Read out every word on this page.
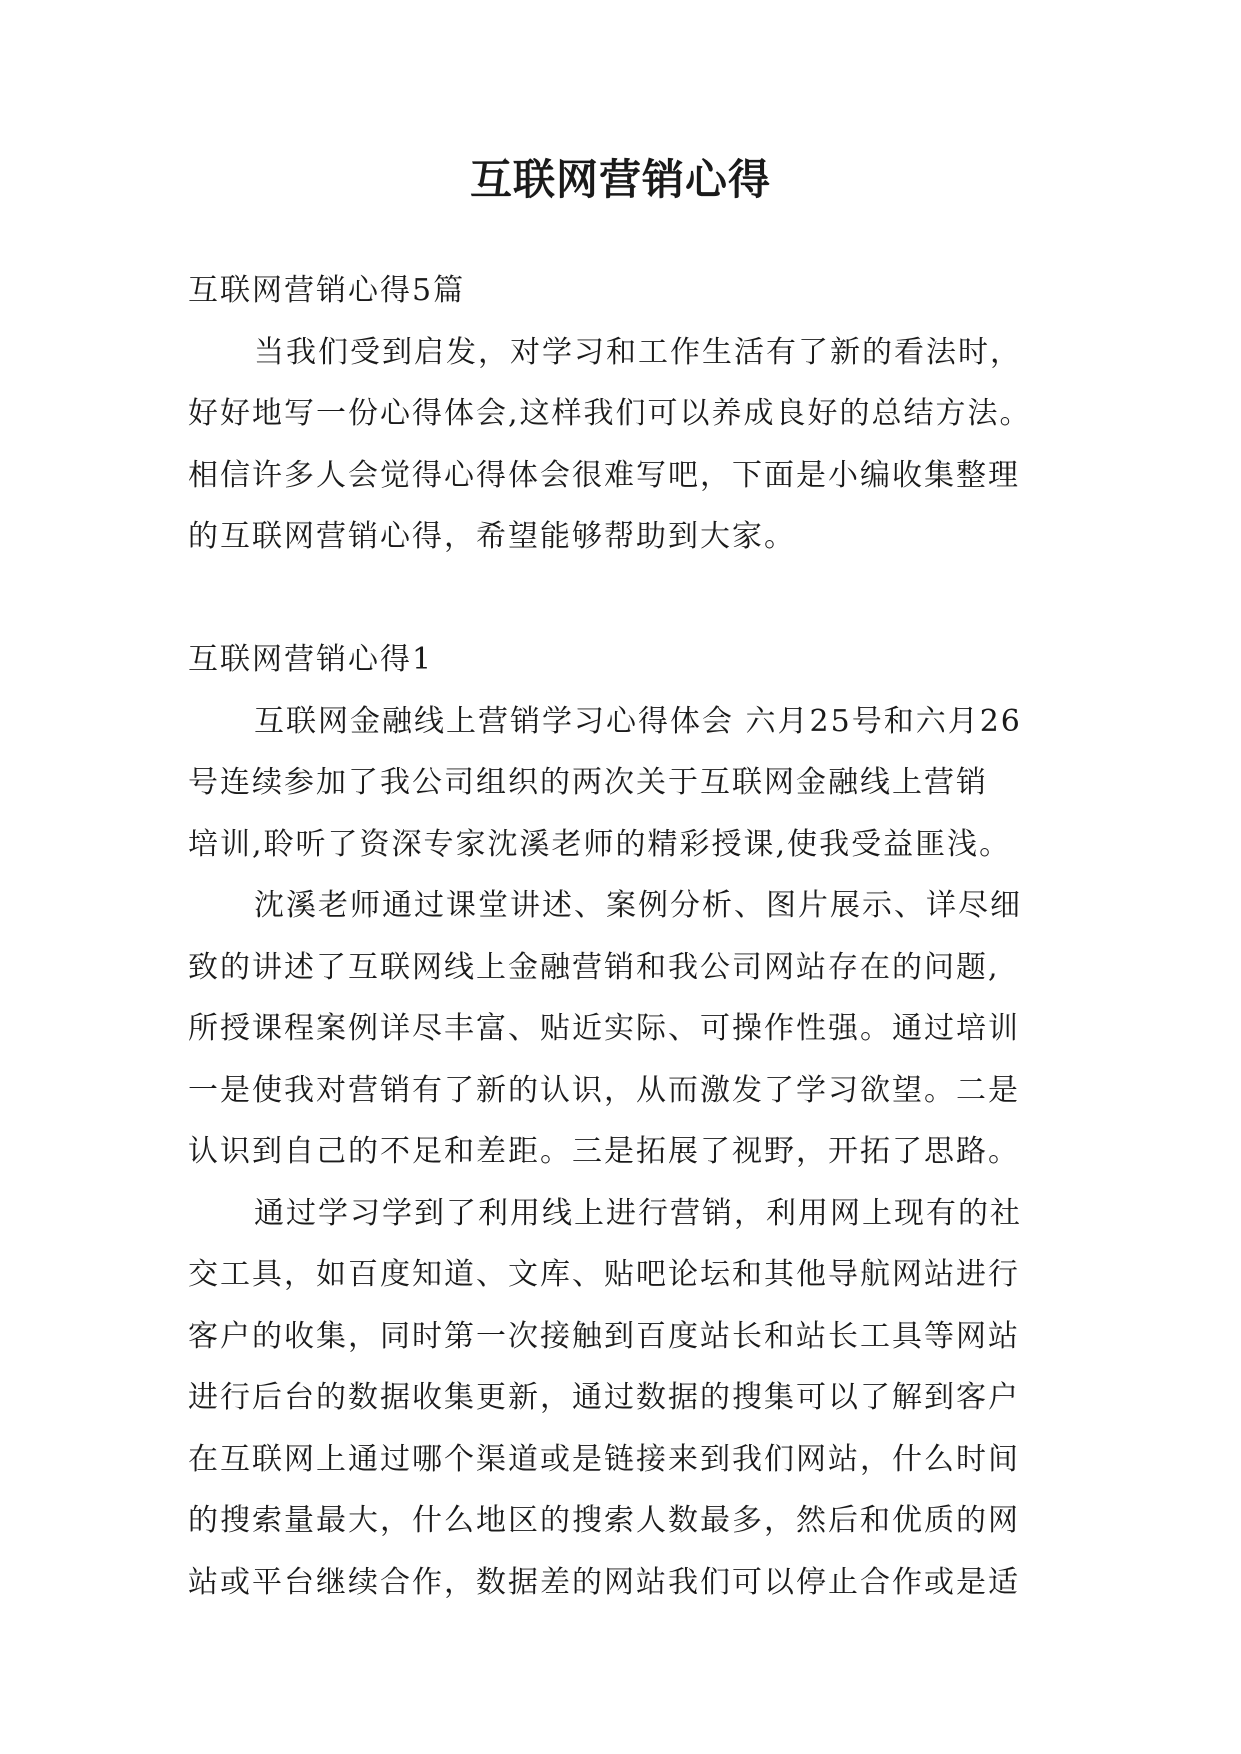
互联网营销心得
互联网营销心得5篇
当我们受到启发，对学习和工作生活有了新的看法时，
好好地写一份心得体会,这样我们可以养成良好的总结方法。
相信许多人会觉得心得体会很难写吧，下面是小编收集整理
的互联网营销心得，希望能够帮助到大家。
互联网营销心得1
互联网金融线上营销学习心得体会 六月25号和六月26
号连续参加了我公司组织的两次关于互联网金融线上营销
培训,聆听了资深专家沈溪老师的精彩授课,使我受益匪浅。
沈溪老师通过课堂讲述、案例分析、图片展示、详尽细
致的讲述了互联网线上金融营销和我公司网站存在的问题,
所授课程案例详尽丰富、贴近实际、可操作性强。通过培训
一是使我对营销有了新的认识，从而激发了学习欲望。二是
认识到自己的不足和差距。三是拓展了视野，开拓了思路。
通过学习学到了利用线上进行营销，利用网上现有的社
交工具，如百度知道、文库、贴吧论坛和其他导航网站进行
客户的收集，同时第一次接触到百度站长和站长工具等网站
进行后台的数据收集更新，通过数据的搜集可以了解到客户
在互联网上通过哪个渠道或是链接来到我们网站，什么时间
的搜索量最大，什么地区的搜索人数最多，然后和优质的网
站或平台继续合作，数据差的网站我们可以停止合作或是适
